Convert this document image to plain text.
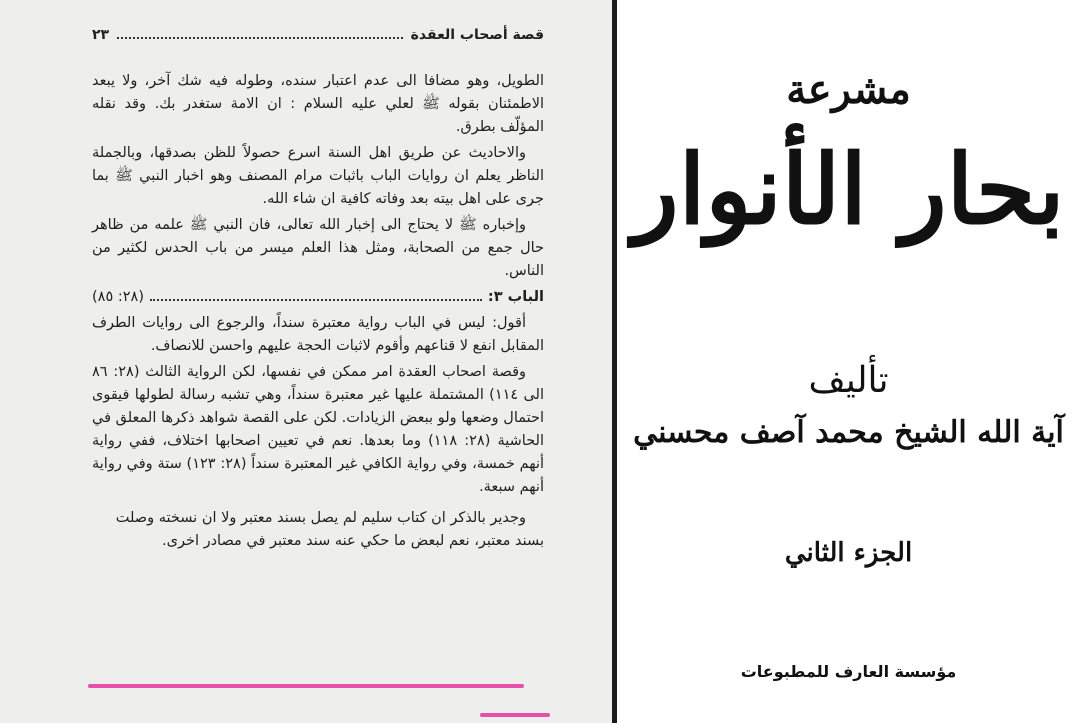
‏ ‏ ‏
قصة أصحاب العقدة
٢٣

الطويل، وهو مضافا الى عدم اعتبار سنده، وطوله فيه شك آخر، ولا يبعد الاطمئنان بقوله ﷺ لعلي عليه السلام : ان الامة ستغدر بك. وقد نقله المؤلّف بطرق.

والاحاديث عن طريق اهل السنة اسرع حصولاً للظن بصدقها، وبالجملة الناظر يعلم ان روايات الباب باثبات مرام المصنف وهو اخبار النبي ﷺ بما جرى على اهل بيته بعد وفاته كافية ان شاء الله.

وإخباره ﷺ لا يحتاج الى إخبار الله تعالى، فان النبي ﷺ علمه من ظاهر حال جمع من الصحابة، ومثل هذا العلم ميسر من باب الحدس لكثير من الناس.

الباب ٣:
(٢٨: ٨٥)

أقول: ليس في الباب رواية معتبرة سنداً، والرجوع الى روايات الطرف المقابل انفع لا قناعهم وأقوم لاثبات الحجة عليهم واحسن للانصاف.

وقصة اصحاب العقدة امر ممكن في نفسها، لكن الرواية الثالث (٢٨: ٨٦ الى ١١٤) المشتملة عليها غير معتبرة سنداً، وهي تشبه رسالة لطولها فيقوى احتمال وضعها ولو ببعض الزيادات. لكن على القصة شواهد ذكرها المعلق في الحاشية (٢٨: ١١٨) وما بعدها. نعم في تعيين اصحابها اختلاف، ففي رواية أنهم خمسة، وفي رواية الكافي غير المعتبرة سنداً (٢٨: ١٢٣) ستة وفي رواية أنهم سبعة.

وجدير بالذكر ان كتاب سليم لم يصل بسند معتبر ولا ان نسخته وصلت

بسند معتبر، نعم لبعض ما حكي عنه سند معتبر في مصادر اخرى.

مشرعة
بحار الأنوار
تأليف
آية الله الشيخ محمد آصف محسني
الجزء الثاني
مؤسسة العارف للمطبوعات
